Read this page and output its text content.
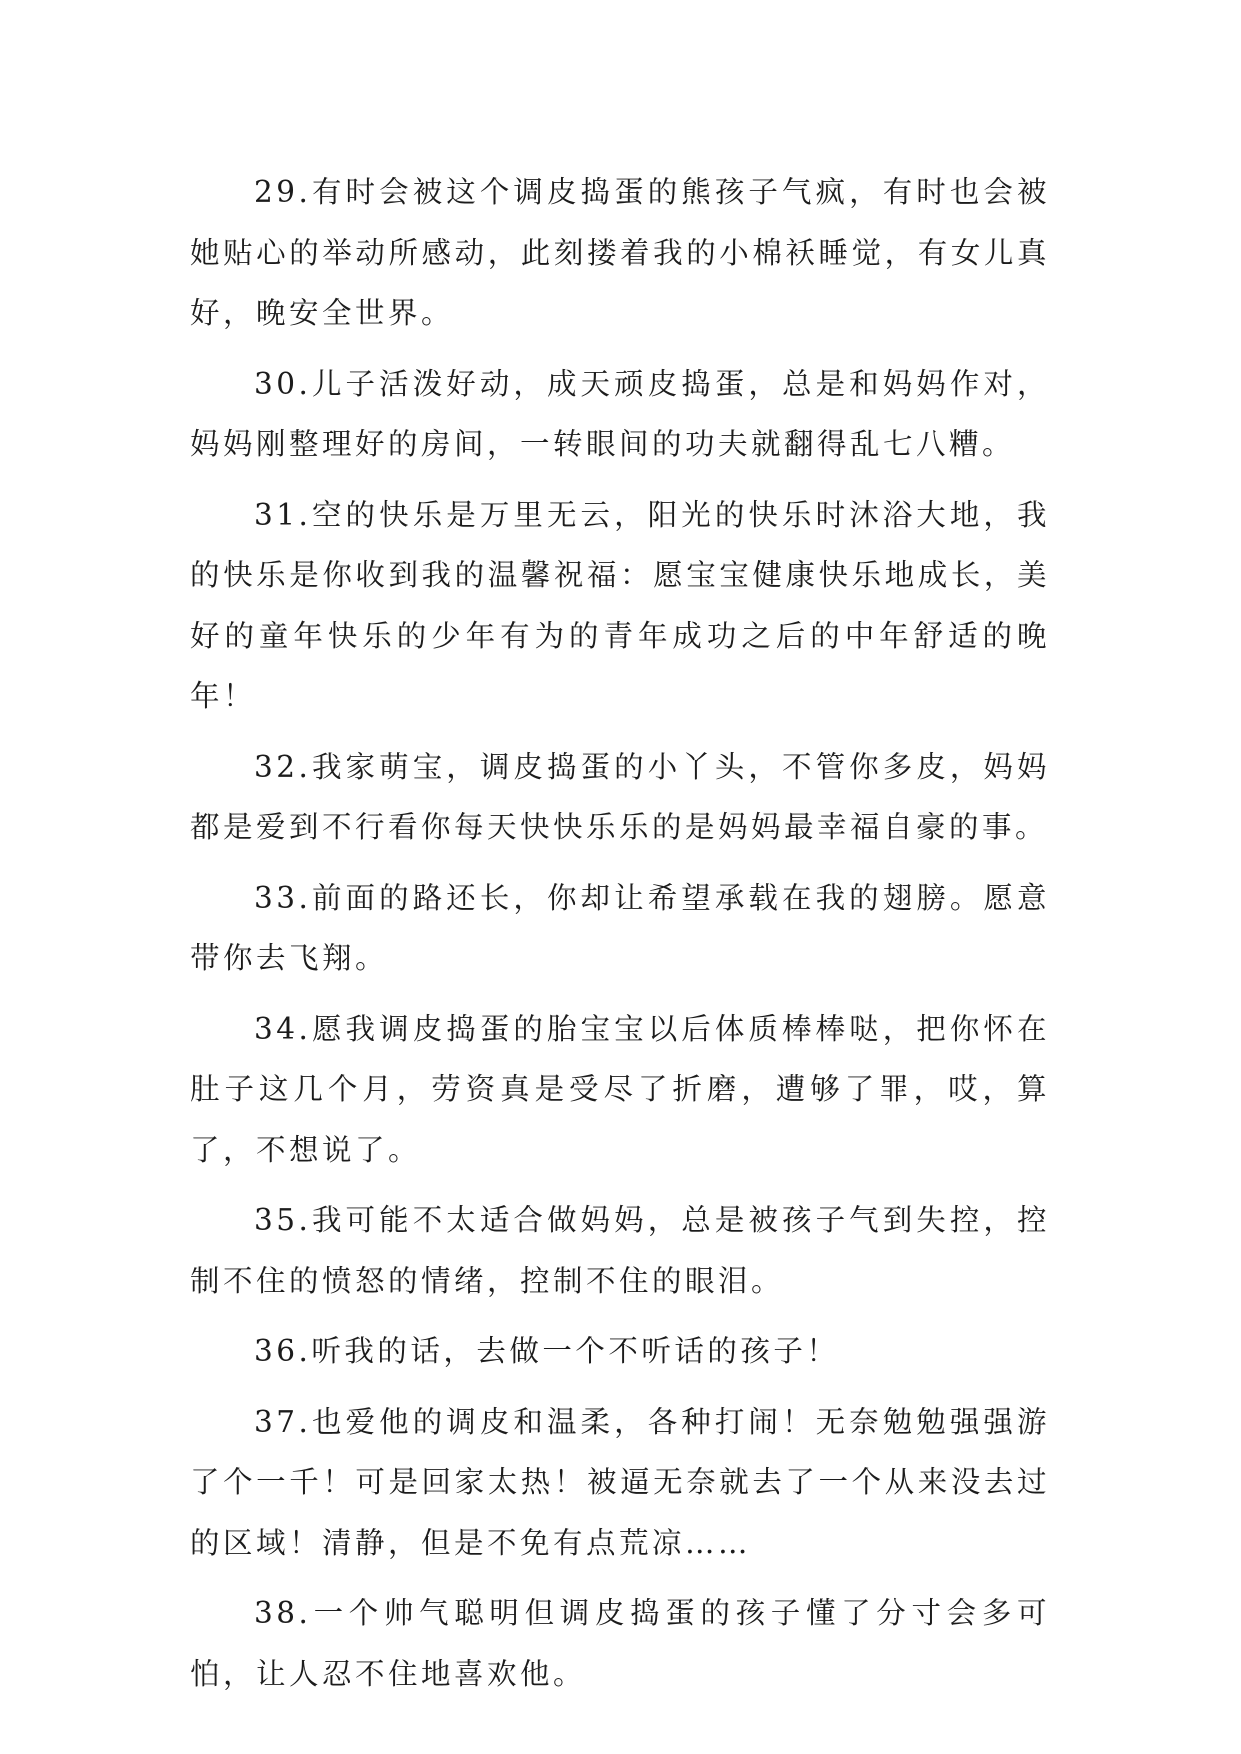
29.有时会被这个调皮捣蛋的熊孩子气疯，有时也会被她贴心的举动所感动，此刻搂着我的小棉袄睡觉，有女儿真好，晚安全世界。

30.儿子活泼好动，成天顽皮捣蛋，总是和妈妈作对，妈妈刚整理好的房间，一转眼间的功夫就翻得乱七八糟。

31.空的快乐是万里无云，阳光的快乐时沐浴大地，我的快乐是你收到我的温馨祝福：愿宝宝健康快乐地成长，美好的童年快乐的少年有为的青年成功之后的中年舒适的晚年！

32.我家萌宝，调皮捣蛋的小丫头，不管你多皮，妈妈都是爱到不行看你每天快快乐乐的是妈妈最幸福自豪的事。

33.前面的路还长，你却让希望承载在我的翅膀。愿意带你去飞翔。

34.愿我调皮捣蛋的胎宝宝以后体质棒棒哒，把你怀在肚子这几个月，劳资真是受尽了折磨，遭够了罪，哎，算了，不想说了。

35.我可能不太适合做妈妈，总是被孩子气到失控，控制不住的愤怒的情绪，控制不住的眼泪。

36.听我的话，去做一个不听话的孩子！

37.也爱他的调皮和温柔，各种打闹！无奈勉勉强强游了个一千！可是回家太热！被逼无奈就去了一个从来没去过的区域！清静，但是不免有点荒凉……

38.一个帅气聪明但调皮捣蛋的孩子懂了分寸会多可怕，让人忍不住地喜欢他。
